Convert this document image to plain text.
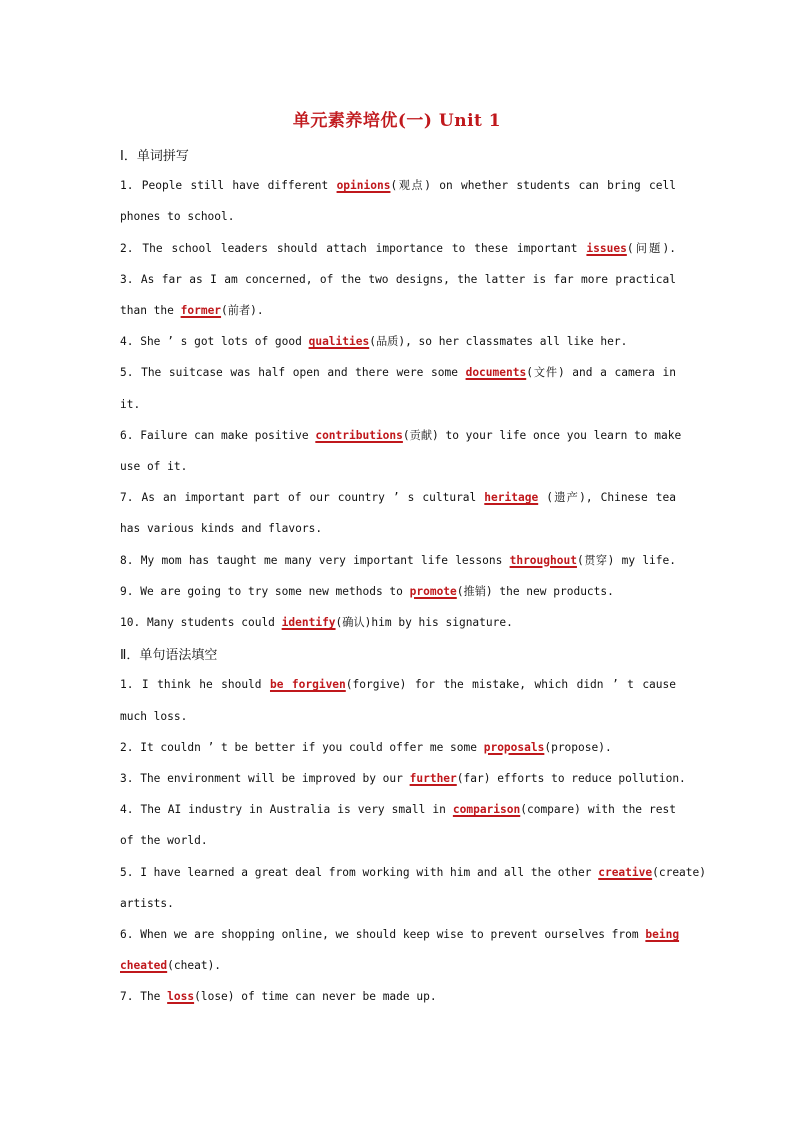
单元素养培优(一) Unit 1
Ⅰ．单词拼写
1. People still have different opinions(观点) on whether students can bring cell
phones to school.
2. The school leaders should attach importance to these important issues(问题).
3. As far as I am concerned, of the two designs, the latter is far more practical
than the former(前者).
4. She ’ s got lots of good qualities(品质), so her classmates all like her.
5. The suitcase was half open and there were some documents(文件) and a camera in
it.
6. Failure can make positive contributions(贡献) to your life once you learn to make
use of it.
7. As an important part of our country ’ s cultural heritage (遗产), Chinese tea
has various kinds and flavors.
8. My mom has taught me many very important life lessons throughout(贯穿) my life.
9. We are going to try some new methods to promote(推销) the new products.
10. Many students could identify(确认)him by his signature.
Ⅱ．单句语法填空
1. I think he should be forgiven(forgive) for the mistake, which didn ’ t cause
much loss.
2. It couldn ’ t be better if you could offer me some proposals(propose).
3. The environment will be improved by our further(far) efforts to reduce pollution.
4. The AI industry in Australia is very small in comparison(compare) with the rest
of the world.
5. I have learned a great deal from working with him and all the other creative(create)
artists.
6. When we are shopping online, we should keep wise to prevent ourselves from being
cheated(cheat).
7. The loss(lose) of time can never be made up.
